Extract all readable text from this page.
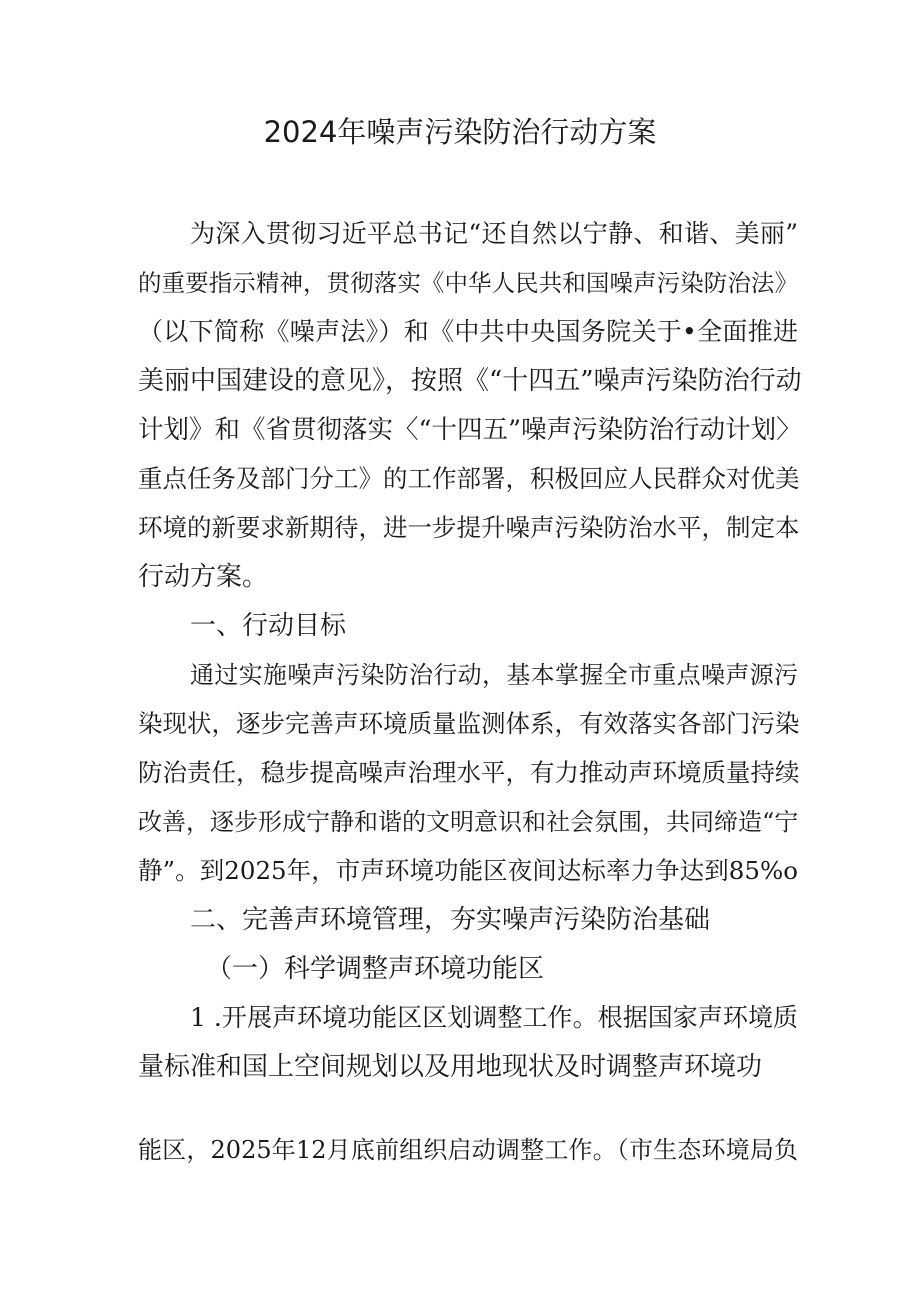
2024年噪声污染防治行动方案
为深入贯彻习近平总书记“还自然以宁静、和谐、美丽”
的重要指示精神，贯彻落实《中华人民共和国噪声污染防治法》
（以下简称《噪声法》）和《中共中央国务院关于•全面推进
美丽中国建设的意见》，按照《“十四五”噪声污染防治行动
计划》和《省贯彻落实〈“十四五”噪声污染防治行动计划〉
重点任务及部门分工》的工作部署，积极回应人民群众对优美
环境的新要求新期待，进一步提升噪声污染防治水平，制定本
行动方案。
一、行动目标
通过实施噪声污染防治行动，基本掌握全市重点噪声源污
染现状，逐步完善声环境质量监测体系，有效落实各部门污染
防治责任，稳步提高噪声治理水平，有力推动声环境质量持续
改善，逐步形成宁静和谐的文明意识和社会氛围，共同缔造“宁
静”。到2025年，市声环境功能区夜间达标率力争达到85%o
二、完善声环境管理，夯实噪声污染防治基础
（一）科学调整声环境功能区
1 .开展声环境功能区区划调整工作。根据国家声环境质
量标准和国上空间规划以及用地现状及时调整声环境功
能区，2025年12月底前组织启动调整工作。（市生态环境局负
